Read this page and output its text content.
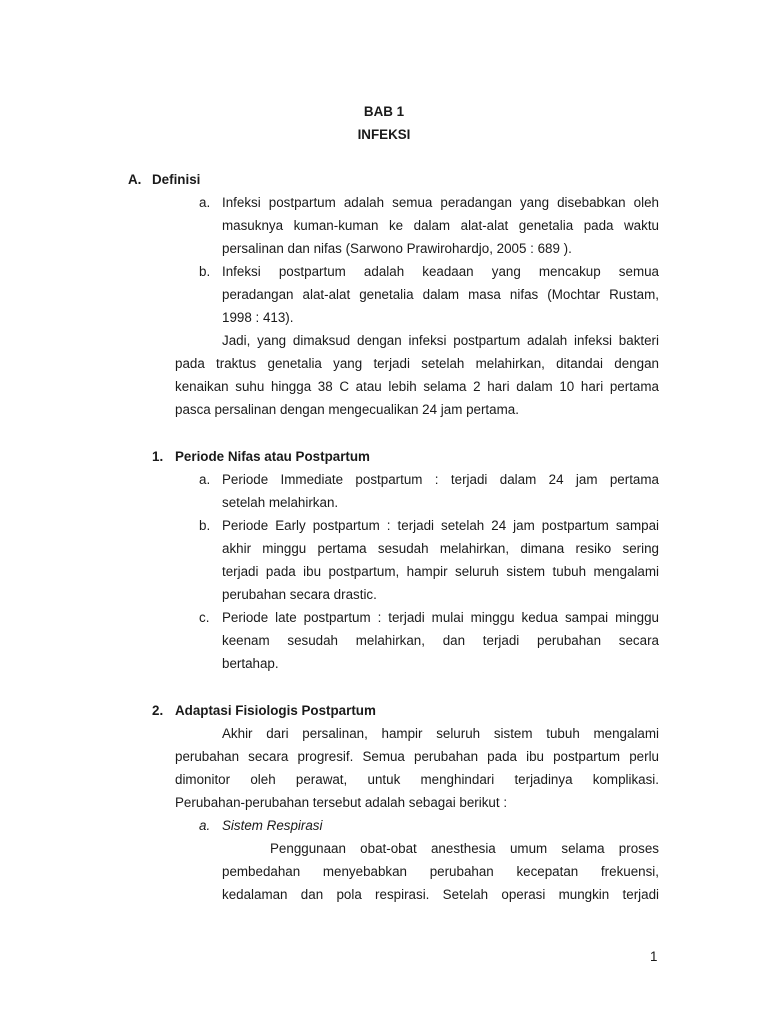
BAB 1
INFEKSI
A. Definisi
a. Infeksi postpartum adalah semua peradangan yang disebabkan oleh
masuknya kuman-kuman ke dalam alat-alat genetalia pada waktu
persalinan dan nifas (Sarwono Prawirohardjo, 2005 : 689 ).
b. Infeksi postpartum adalah keadaan yang mencakup semua
peradangan alat-alat genetalia dalam masa nifas (Mochtar Rustam,
1998 : 413).
Jadi, yang dimaksud dengan infeksi postpartum adalah infeksi bakteri
pada traktus genetalia yang terjadi setelah melahirkan, ditandai dengan
kenaikan suhu hingga 38 C atau lebih selama 2 hari dalam 10 hari pertama
pasca persalinan dengan mengecualikan 24 jam pertama.
1. Periode Nifas atau Postpartum
a. Periode Immediate postpartum : terjadi dalam 24 jam pertama
setelah melahirkan.
b. Periode Early postpartum : terjadi setelah 24 jam postpartum sampai
akhir minggu pertama sesudah melahirkan, dimana resiko sering
terjadi pada ibu postpartum, hampir seluruh sistem tubuh mengalami
perubahan secara drastic.
c. Periode late postpartum : terjadi mulai minggu kedua sampai minggu
keenam sesudah melahirkan, dan terjadi perubahan secara
bertahap.
2. Adaptasi Fisiologis Postpartum
Akhir dari persalinan, hampir seluruh sistem tubuh mengalami
perubahan secara progresif. Semua perubahan pada ibu postpartum perlu
dimonitor oleh perawat, untuk menghindari terjadinya komplikasi.
Perubahan-perubahan tersebut adalah sebagai berikut :
a. Sistem Respirasi
Penggunaan obat-obat anesthesia umum selama proses
pembedahan menyebabkan perubahan kecepatan frekuensi,
kedalaman dan pola respirasi. Setelah operasi mungkin terjadi
1
